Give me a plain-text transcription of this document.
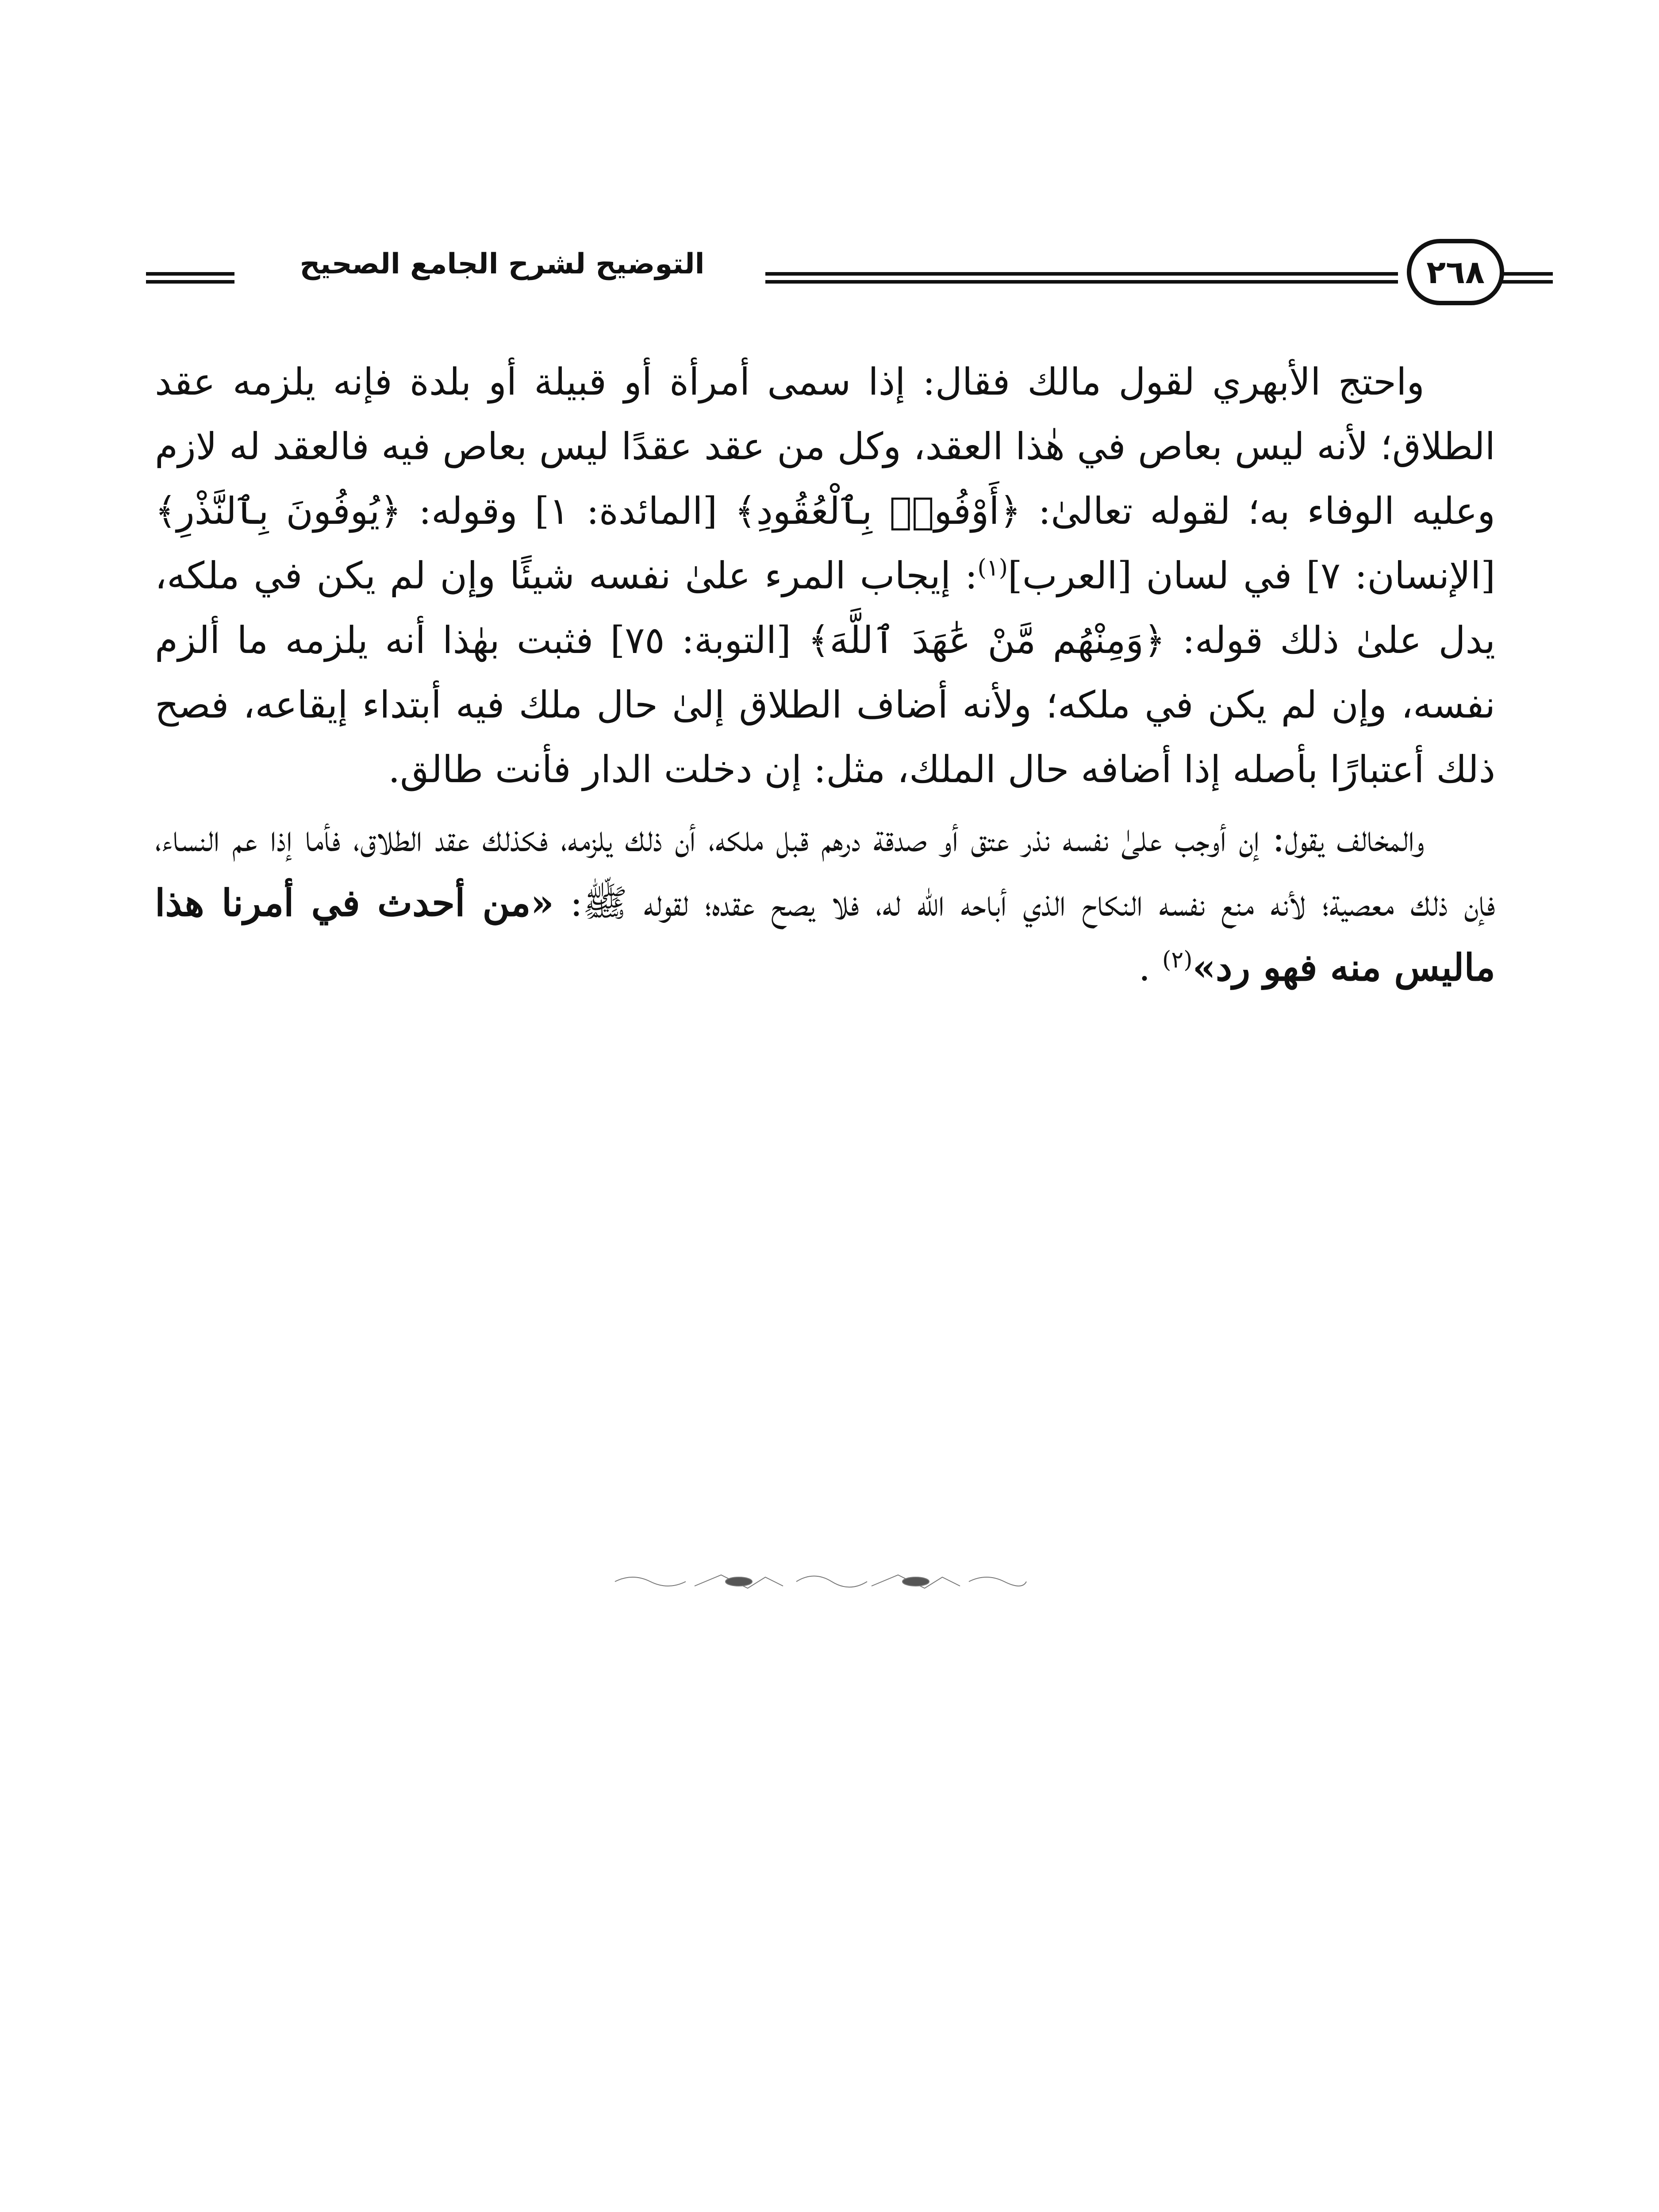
التوضيح لشرح الجامع الصحيح	٢٦٨

واحتج الأبهري لقول مالك فقال: إذا سمى أمرأة أو قبيلة أو بلدة فإنه يلزمه عقد الطلاق؛ لأنه ليس بعاص في هٰذا العقد، وكل من عقد عقدًا ليس بعاص فيه فالعقد له لازم وعليه الوفاء به؛ لقوله تعالىٰ: ﴿أَوْفُوا۟ بِٱلْعُقُودِ﴾ [المائدة: ١] وقوله: ﴿يُوفُونَ بِٱلنَّذْرِ﴾ [الإنسان: ٧] في لسان [العرب]$^{(١)}$: إيجاب المرء علىٰ نفسه شيئًا وإن لم يكن في ملكه، يدل علىٰ ذلك قوله: ﴿وَمِنْهُم مَّنْ عَٰهَدَ ٱللَّهَ﴾ [التوبة: ٧٥] فثبت بهٰذا أنه يلزمه ما ألزم نفسه، وإن لم يكن في ملكه؛ ولأنه أضاف الطلاق إلىٰ حال ملك فيه أبتداء إيقاعه، فصح ذلك أعتبارًا بأصله إذا أضافه حال الملك، مثل: إن دخلت الدار فأنت طالق.

والمخالف يقول: إن أوجب علىٰ نفسه نذر عتق أو صدقة درهم قبل ملكه، أن ذلك يلزمه، فكذلك عقد الطلاق، فأما إذا عم النساء، فإن ذلك معصية؛ لأنه منع نفسه النكاح الذي أباحه الله له، فلا يصح عقده؛ لقوله ﷺ: «من أحدث في أمرنا هذا ماليس منه فهو رد»$^{(٢)}$ .
